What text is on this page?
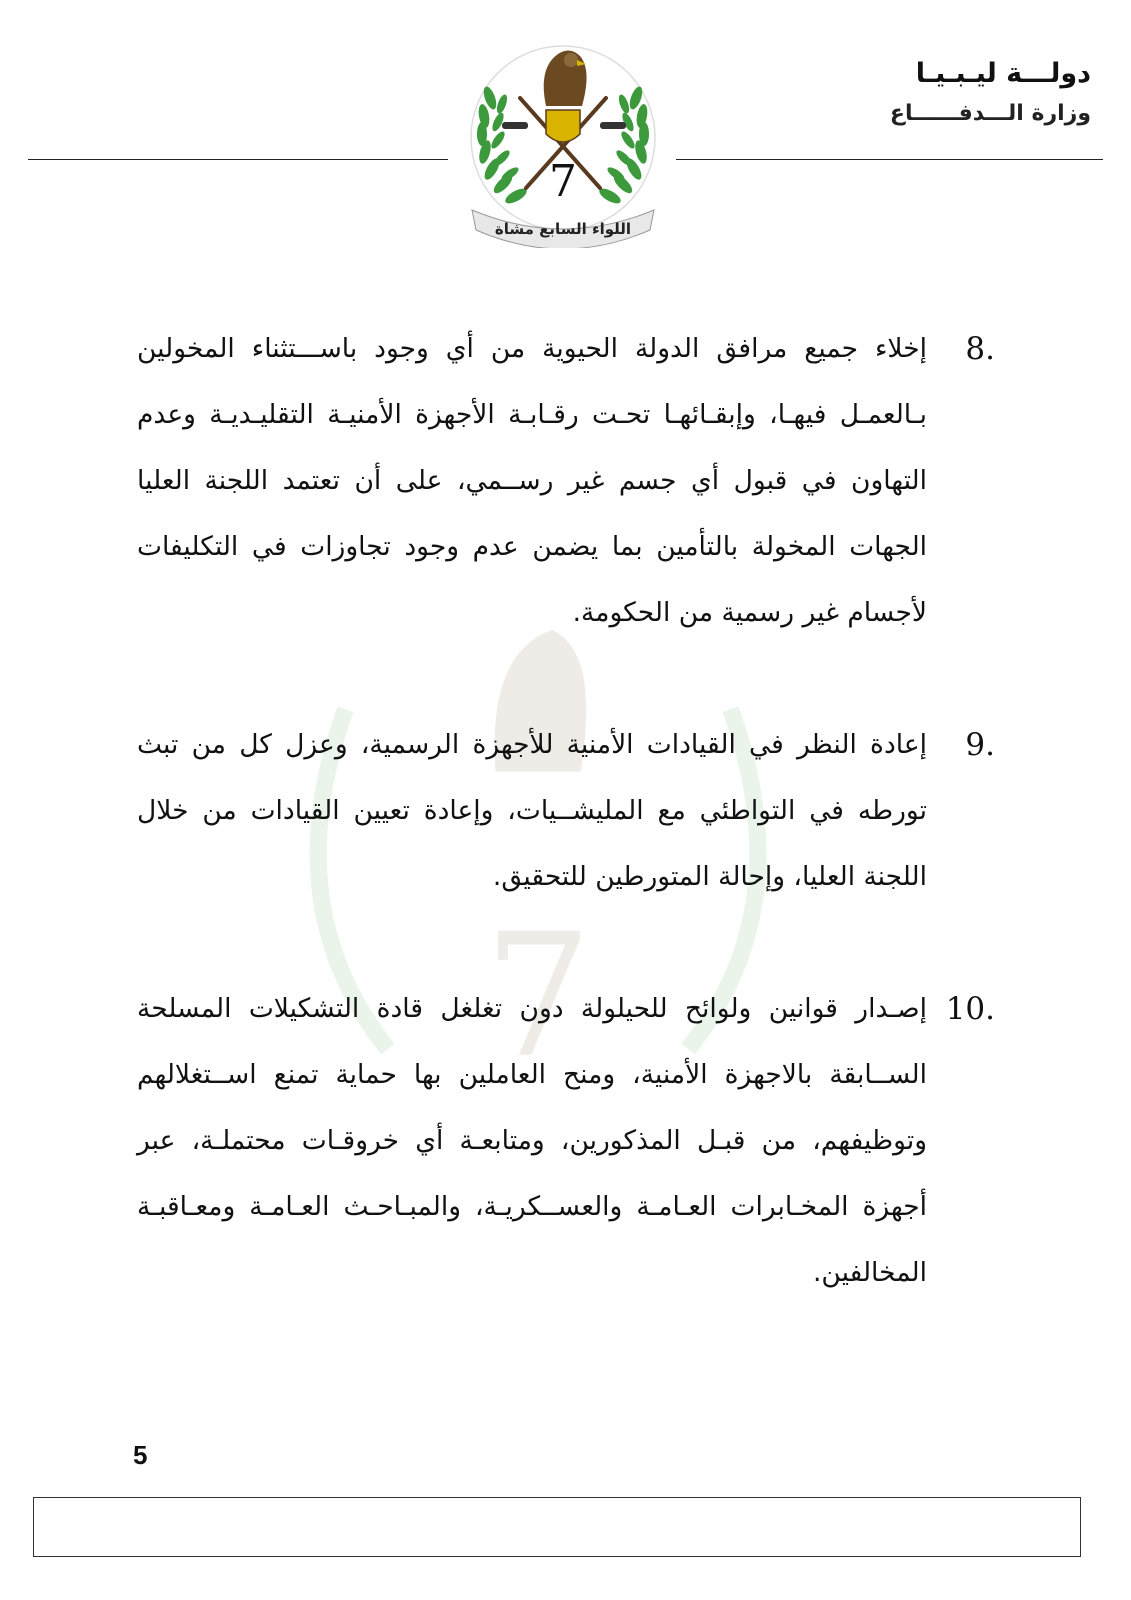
7
7
اللواء السابع مشاة
دولـــة ليـبـيـا
وزارة الـــدفــــــاع
8.
إخلاء جميع مرافق الدولة الحيوية من أي وجود باســـتثناء المخولين بـالعمـل فيهـا، وإبقـائهـا تحـت رقـابـة الأجهزة الأمنيـة التقليـديـة وعدم التهاون في قبول أي جسم غير رســمي، على أن تعتمد اللجنة العليا الجهات المخولة بالتأمين بما يضمن عدم وجود تجاوزات في التكليفات لأجسام غير رسمية من الحكومة.
9.
إعادة النظر في القيادات الأمنية للأجهزة الرسمية، وعزل كل من تبث تورطه في التواطئي مع المليشــيات، وإعادة تعيين القيادات من خلال اللجنة العليا، وإحالة المتورطين للتحقيق.
10.
إصـدار قوانين ولوائح للحيلولة دون تغلغل قادة التشكيلات المسلحة الســابقة بالاجهزة الأمنية، ومنح العاملين بها حماية تمنع اســتغلالهم وتوظيفهم، من قبـل المذكورين، ومتابعـة أي خروقـات محتملـة، عبر أجهزة المخـابرات العـامـة والعســكريـة، والمبـاحـث العـامـة ومعـاقبـة المخالفين.
5
